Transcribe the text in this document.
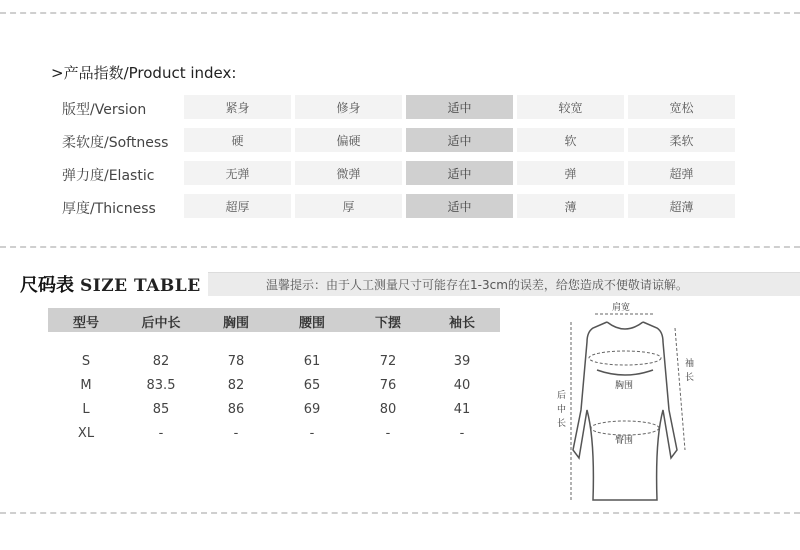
>产品指数/Product index:
版型/Version	紧身	修身	适中	较宽	宽松
柔软度/Softness	硬	偏硬	适中	软	柔软
弹力度/Elastic	无弹	微弹	适中	弹	超弹
厚度/Thicness	超厚	厚	适中	薄	超薄
尺码表 SIZE TABLE	温馨提示：由于人工测量尺寸可能存在1-3cm的误差，给您造成不便敬请谅解。
型号	后中长	胸围	腰围	下摆	袖长
S	82	78	61	72	39
M	83.5	82	65	76	40
L	85	86	69	80	41
XL	-	-	-	-	-
肩宽
袖
长
后
中
长
胸围
臀围
